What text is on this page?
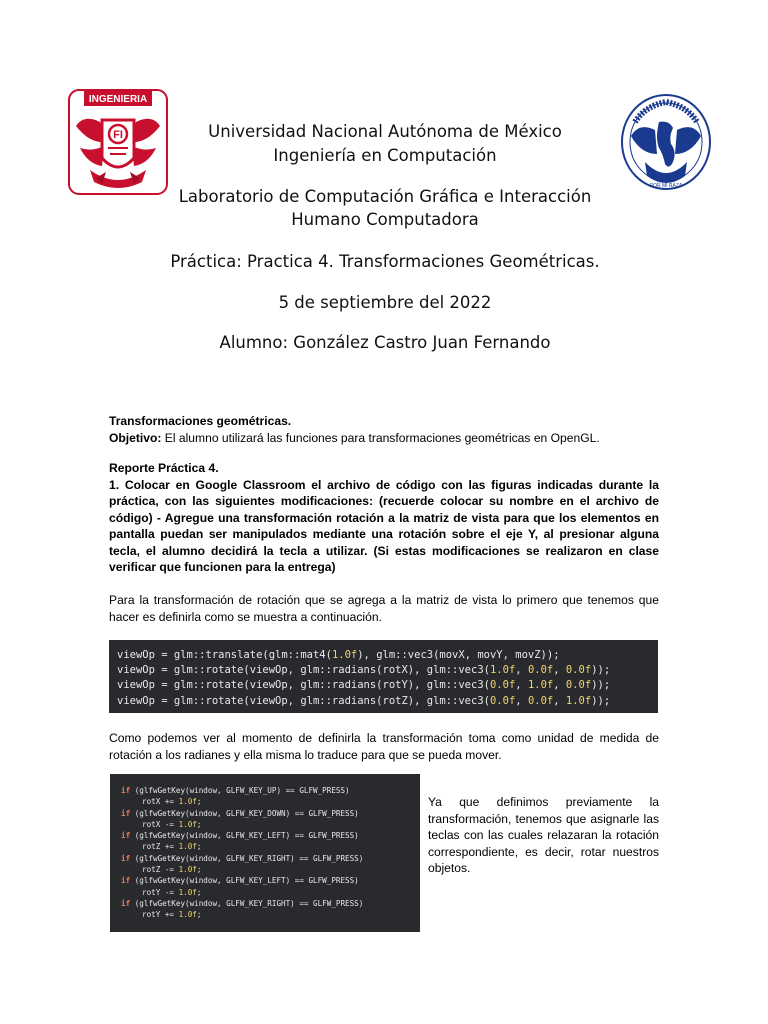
INGENIERIA
FI
POR MI RAZA
Universidad Nacional Autónoma de México
Ingeniería en Computación
Laboratorio de Computación Gráfica e Interacción
Humano Computadora
Práctica: Practica 4. Transformaciones Geométricas.
5 de septiembre del 2022
Alumno: González Castro Juan Fernando
Transformaciones geométricas.
Objetivo: El alumno utilizará las funciones para transformaciones geométricas en OpenGL.
Reporte Práctica 4.
1. Colocar en Google Classroom el archivo de código con las figuras indicadas durante la práctica, con las siguientes modificaciones: (recuerde colocar su nombre en el archivo de código) - Agregue una transformación rotación a la matriz de vista para que los elementos en pantalla puedan ser manipulados mediante una rotación sobre el eje Y, al presionar alguna tecla, el alumno decidirá la tecla a utilizar. (Si estas modificaciones se realizaron en clase verificar que funcionen para la entrega)
Para la transformación de rotación que se agrega a la matriz de vista lo primero que tenemos que hacer es definirla como se muestra a continuación.
viewOp = glm::translate(glm::mat4(1.0f), glm::vec3(movX, movY, movZ));
viewOp = glm::rotate(viewOp, glm::radians(rotX), glm::vec3(1.0f, 0.0f, 0.0f));
viewOp = glm::rotate(viewOp, glm::radians(rotY), glm::vec3(0.0f, 1.0f, 0.0f));
viewOp = glm::rotate(viewOp, glm::radians(rotZ), glm::vec3(0.0f, 0.0f, 1.0f));
Como podemos ver al momento de definirla la transformación toma como unidad de medida de rotación a los radianes y ella misma lo traduce para que se pueda mover.
if (glfwGetKey(window, GLFW_KEY_UP) == GLFW_PRESS)
rotX += 1.0f;
if (glfwGetKey(window, GLFW_KEY_DOWN) == GLFW_PRESS)
rotX -= 1.0f;
if (glfwGetKey(window, GLFW_KEY_LEFT) == GLFW_PRESS)
rotZ += 1.0f;
if (glfwGetKey(window, GLFW_KEY_RIGHT) == GLFW_PRESS)
rotZ -= 1.0f;
if (glfwGetKey(window, GLFW_KEY_LEFT) == GLFW_PRESS)
rotY -= 1.0f;
if (glfwGetKey(window, GLFW_KEY_RIGHT) == GLFW_PRESS)
rotY += 1.0f;
Ya que definimos previamente la transformación, tenemos que asignarle las teclas con las cuales relazaran la rotación correspondiente, es decir, rotar nuestros objetos.
